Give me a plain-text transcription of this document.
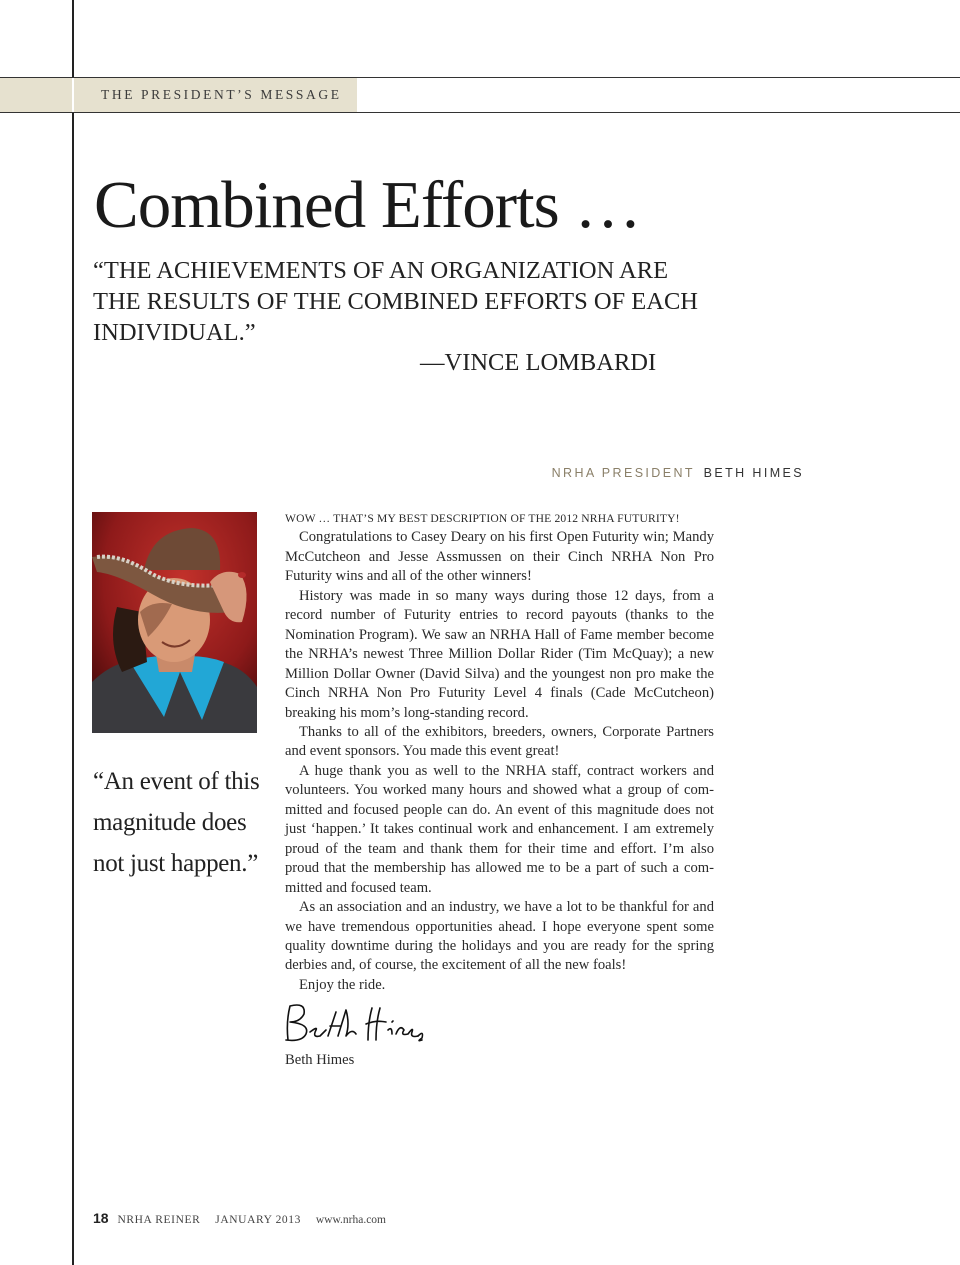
THE PRESIDENT’S MESSAGE
Combined Efforts …

“THE ACHIEVEMENTS OF AN ORGANIZATION ARE THE RESULTS OF THE COMBINED EFFORTS OF EACH INDIVIDUAL.”

—VINCE LOMBARDI
NRHA PRESIDENT BETH HIMES

“An event of this magnitude does not just happen.”

WOW … THAT’S MY BEST DESCRIPTION OF THE 2012 NRHA FUTURITY!

Congratulations to Casey Deary on his first Open Futurity win; Mandy McCutcheon and Jesse Assmussen on their Cinch NRHA Non Pro Futurity wins and all of the other winners!

History was made in so many ways during those 12 days, from a record number of Futurity entries to record payouts (thanks to the Nomination Program). We saw an NRHA Hall of Fame member become the NRHA’s newest Three Million Dollar Rider (Tim McQuay); a new Million Dollar Owner (David Silva) and the youngest non pro make the Cinch NRHA Non Pro Futurity Level 4 finals (Cade McCutcheon) breaking his mom’s long-standing record.

Thanks to all of the exhibitors, breeders, owners, Corporate Partners and event sponsors. You made this event great!

A huge thank you as well to the NRHA staff, contract workers and volunteers. You worked many hours and showed what a group of committed and focused people can do. An event of this magnitude does not just ‘happen.’ It takes continual work and enhancement. I am extremely proud of the team and thank them for their time and effort. I’m also proud that the membership has allowed me to be a part of such a committed and focused team.

As an association and an industry, we have a lot to be thankful for and we have tremendous opportunities ahead. I hope everyone spent some quality downtime during the holidays and you are ready for the spring derbies and, of course, the excitement of all the new foals!

Enjoy the ride.

Beth Himes
18 NRHA REINER JANUARY 2013 www.nrha.com
